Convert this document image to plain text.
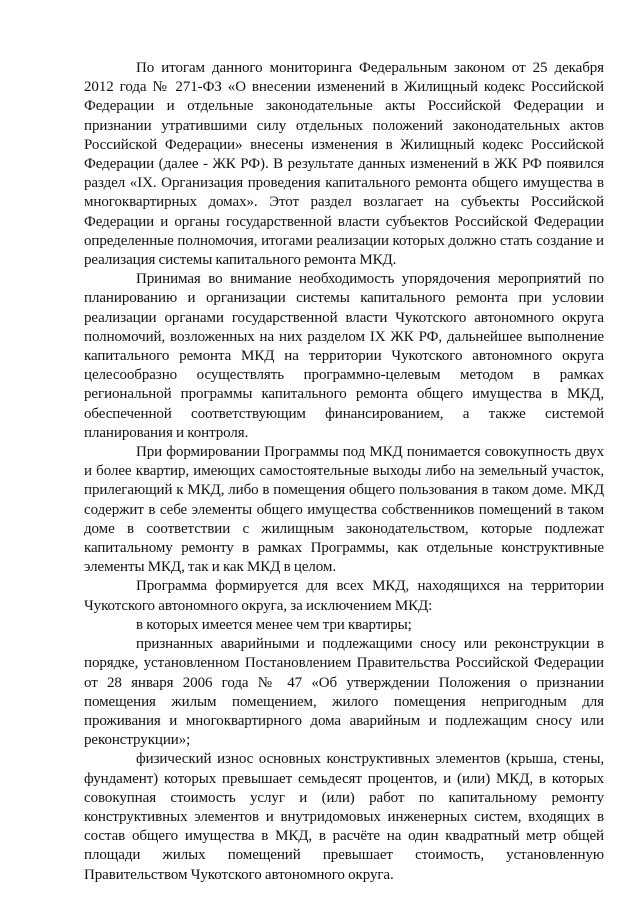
По итогам данного мониторинга Федеральным законом от 25 декабря 2012 года № 271-ФЗ «О внесении изменений в Жилищный кодекс Российской Федерации и отдельные законодательные акты Российской Федерации и признании утратившими силу отдельных положений законодательных актов Российской Федерации» внесены изменения в Жилищный кодекс Российской Федерации (далее - ЖК РФ). В результате данных изменений в ЖК РФ появился раздел «IX. Организация проведения капитального ремонта общего имущества в многоквартирных домах». Этот раздел возлагает на субъекты Российской Федерации и органы государственной власти субъектов Российской Федерации определенные полномочия, итогами реализации которых должно стать создание и реализация системы капитального ремонта МКД.

Принимая во внимание необходимость упорядочения мероприятий по планированию и организации системы капитального ремонта при условии реализации органами государственной власти Чукотского автономного округа полномочий, возложенных на них разделом IX ЖК РФ, дальнейшее выполнение капитального ремонта МКД на территории Чукотского автономного округа целесообразно осуществлять программно-целевым методом в рамках региональной программы капитального ремонта общего имущества в МКД, обеспеченной соответствующим финансированием, а также системой планирования и контроля.

При формировании Программы под МКД понимается совокупность двух и более квартир, имеющих самостоятельные выходы либо на земельный участок, прилегающий к МКД, либо в помещения общего пользования в таком доме. МКД содержит в себе элементы общего имущества собственников помещений в таком доме в соответствии с жилищным законодательством, которые подлежат капитальному ремонту в рамках Программы, как отдельные конструктивные элементы МКД, так и как МКД в целом.

Программа формируется для всех МКД, находящихся на территории Чукотского автономного округа, за исключением МКД:

в которых имеется менее чем три квартиры;

признанных аварийными и подлежащими сносу или реконструкции в порядке, установленном Постановлением Правительства Российской Федерации от 28 января 2006 года № 47 «Об утверждении Положения о признании помещения жилым помещением, жилого помещения непригодным для проживания и многоквартирного дома аварийным и подлежащим сносу или реконструкции»;

физический износ основных конструктивных элементов (крыша, стены, фундамент) которых превышает семьдесят процентов, и (или) МКД, в которых совокупная стоимость услуг и (или) работ по капитальному ремонту конструктивных элементов и внутридомовых инженерных систем, входящих в состав общего имущества в МКД, в расчёте на один квадратный метр общей площади жилых помещений превышает стоимость, установленную Правительством Чукотского автономного округа.
